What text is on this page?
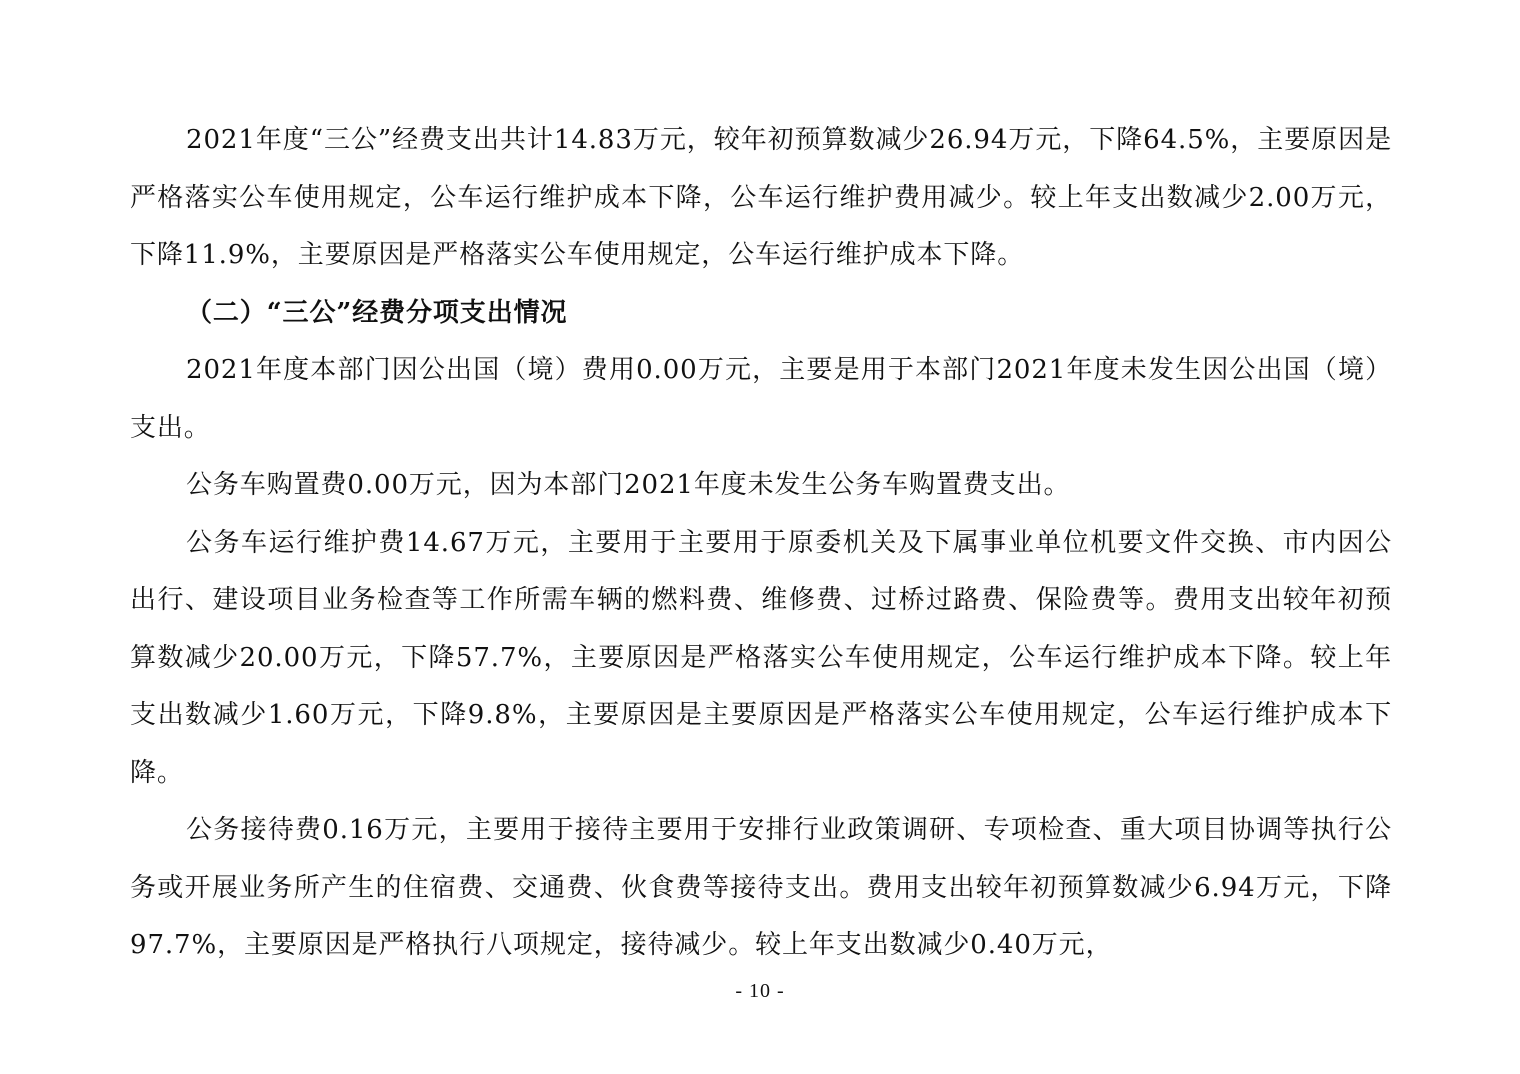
2021年度“三公”经费支出共计14.83万元，较年初预算数减少26.94万元，下降64.5%，主要原因是严格落实公车使用规定，公车运行维护成本下降，公车运行维护费用减少。较上年支出数减少2.00万元，下降11.9%，主要原因是严格落实公车使用规定，公车运行维护成本下降。

（二）“三公”经费分项支出情况

2021年度本部门因公出国（境）费用0.00万元，主要是用于本部门2021年度未发生因公出国（境）支出。

公务车购置费0.00万元，因为本部门2021年度未发生公务车购置费支出。

公务车运行维护费14.67万元，主要用于主要用于原委机关及下属事业单位机要文件交换、市内因公出行、建设项目业务检查等工作所需车辆的燃料费、维修费、过桥过路费、保险费等。费用支出较年初预算数减少20.00万元，下降57.7%，主要原因是严格落实公车使用规定，公车运行维护成本下降。较上年支出数减少1.60万元，下降9.8%，主要原因是主要原因是严格落实公车使用规定，公车运行维护成本下降。

公务接待费0.16万元，主要用于接待主要用于安排行业政策调研、专项检查、重大项目协调等执行公务或开展业务所产生的住宿费、交通费、伙食费等接待支出。费用支出较年初预算数减少6.94万元，下降97.7%，主要原因是严格执行八项规定，接待减少。较上年支出数减少0.40万元，

- 10 -
